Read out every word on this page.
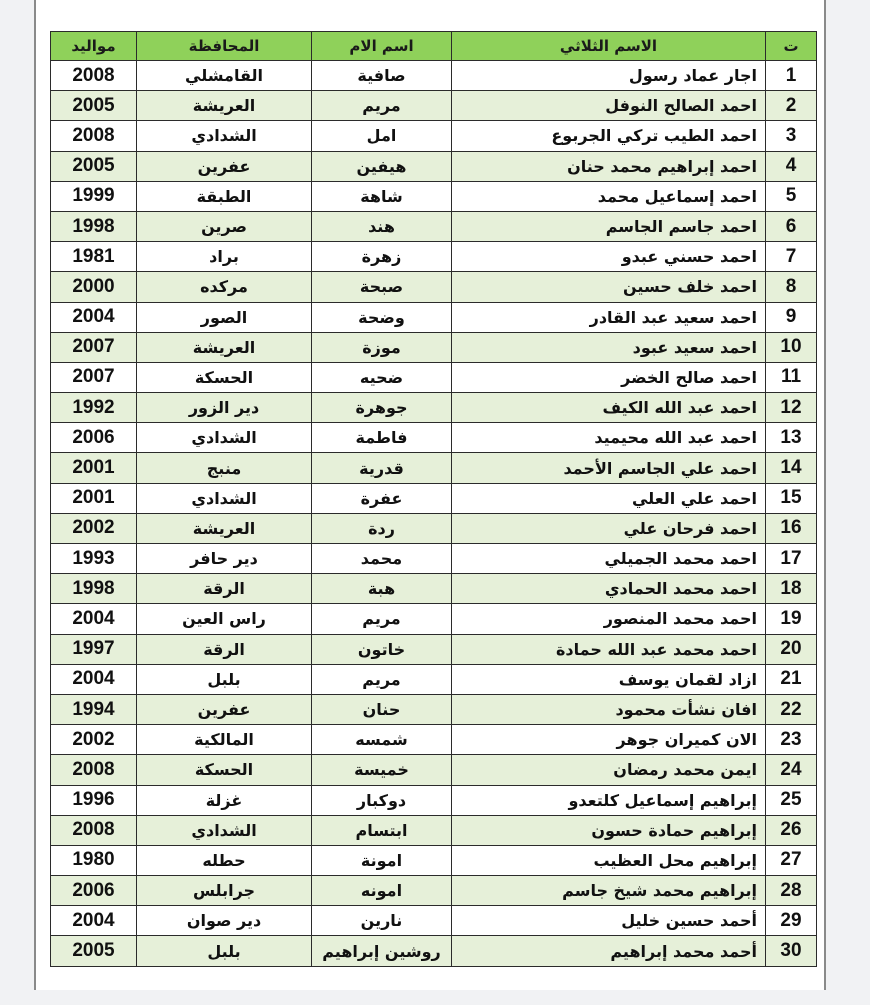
ت	الاسم الثلاثي	اسم الام	المحافظة	مواليد
1	اجار عماد رسول	صافية	القامشلي	2008
2	احمد الصالح النوفل	مريم	العريشة	2005
3	احمد الطيب تركي الجربوع	امل	الشدادي	2008
4	احمد إبراهيم محمد حنان	هيفين	عفرين	2005
5	احمد إسماعيل محمد	شاهة	الطبقة	1999
6	احمد جاسم الجاسم	هند	صرين	1998
7	احمد حسني عبدو	زهرة	براد	1981
8	احمد خلف حسين	صبحة	مركده	2000
9	احمد سعيد عبد القادر	وضحة	الصور	2004
10	احمد سعيد عبود	موزة	العريشة	2007
11	احمد صالح الخضر	ضحيه	الحسكة	2007
12	احمد عبد الله الكيف	جوهرة	دير الزور	1992
13	احمد عبد الله محيميد	فاطمة	الشدادي	2006
14	احمد علي الجاسم الأحمد	قدرية	منبج	2001
15	احمد علي العلي	عفرة	الشدادي	2001
16	احمد فرحان علي	ردة	العريشة	2002
17	احمد محمد الجميلي	محمد	دير حافر	1993
18	احمد محمد الحمادي	هبة	الرقة	1998
19	احمد محمد المنصور	مريم	راس العين	2004
20	احمد محمد عبد الله حمادة	خاتون	الرقة	1997
21	ازاد لقمان يوسف	مريم	بلبل	2004
22	افان نشأت محمود	حنان	عفرين	1994
23	الان كميران جوهر	شمسه	المالكية	2002
24	ايمن محمد رمضان	خميسة	الحسكة	2008
25	إبراهيم إسماعيل كلتعدو	دوكبار	غزلة	1996
26	إبراهيم حمادة حسون	ابتسام	الشدادي	2008
27	إبراهيم محل العظيب	امونة	حطله	1980
28	إبراهيم محمد شيخ جاسم	امونه	جرابلس	2006
29	أحمد حسين خليل	نارين	دير صوان	2004
30	أحمد محمد إبراهيم	روشين إبراهيم	بلبل	2005
